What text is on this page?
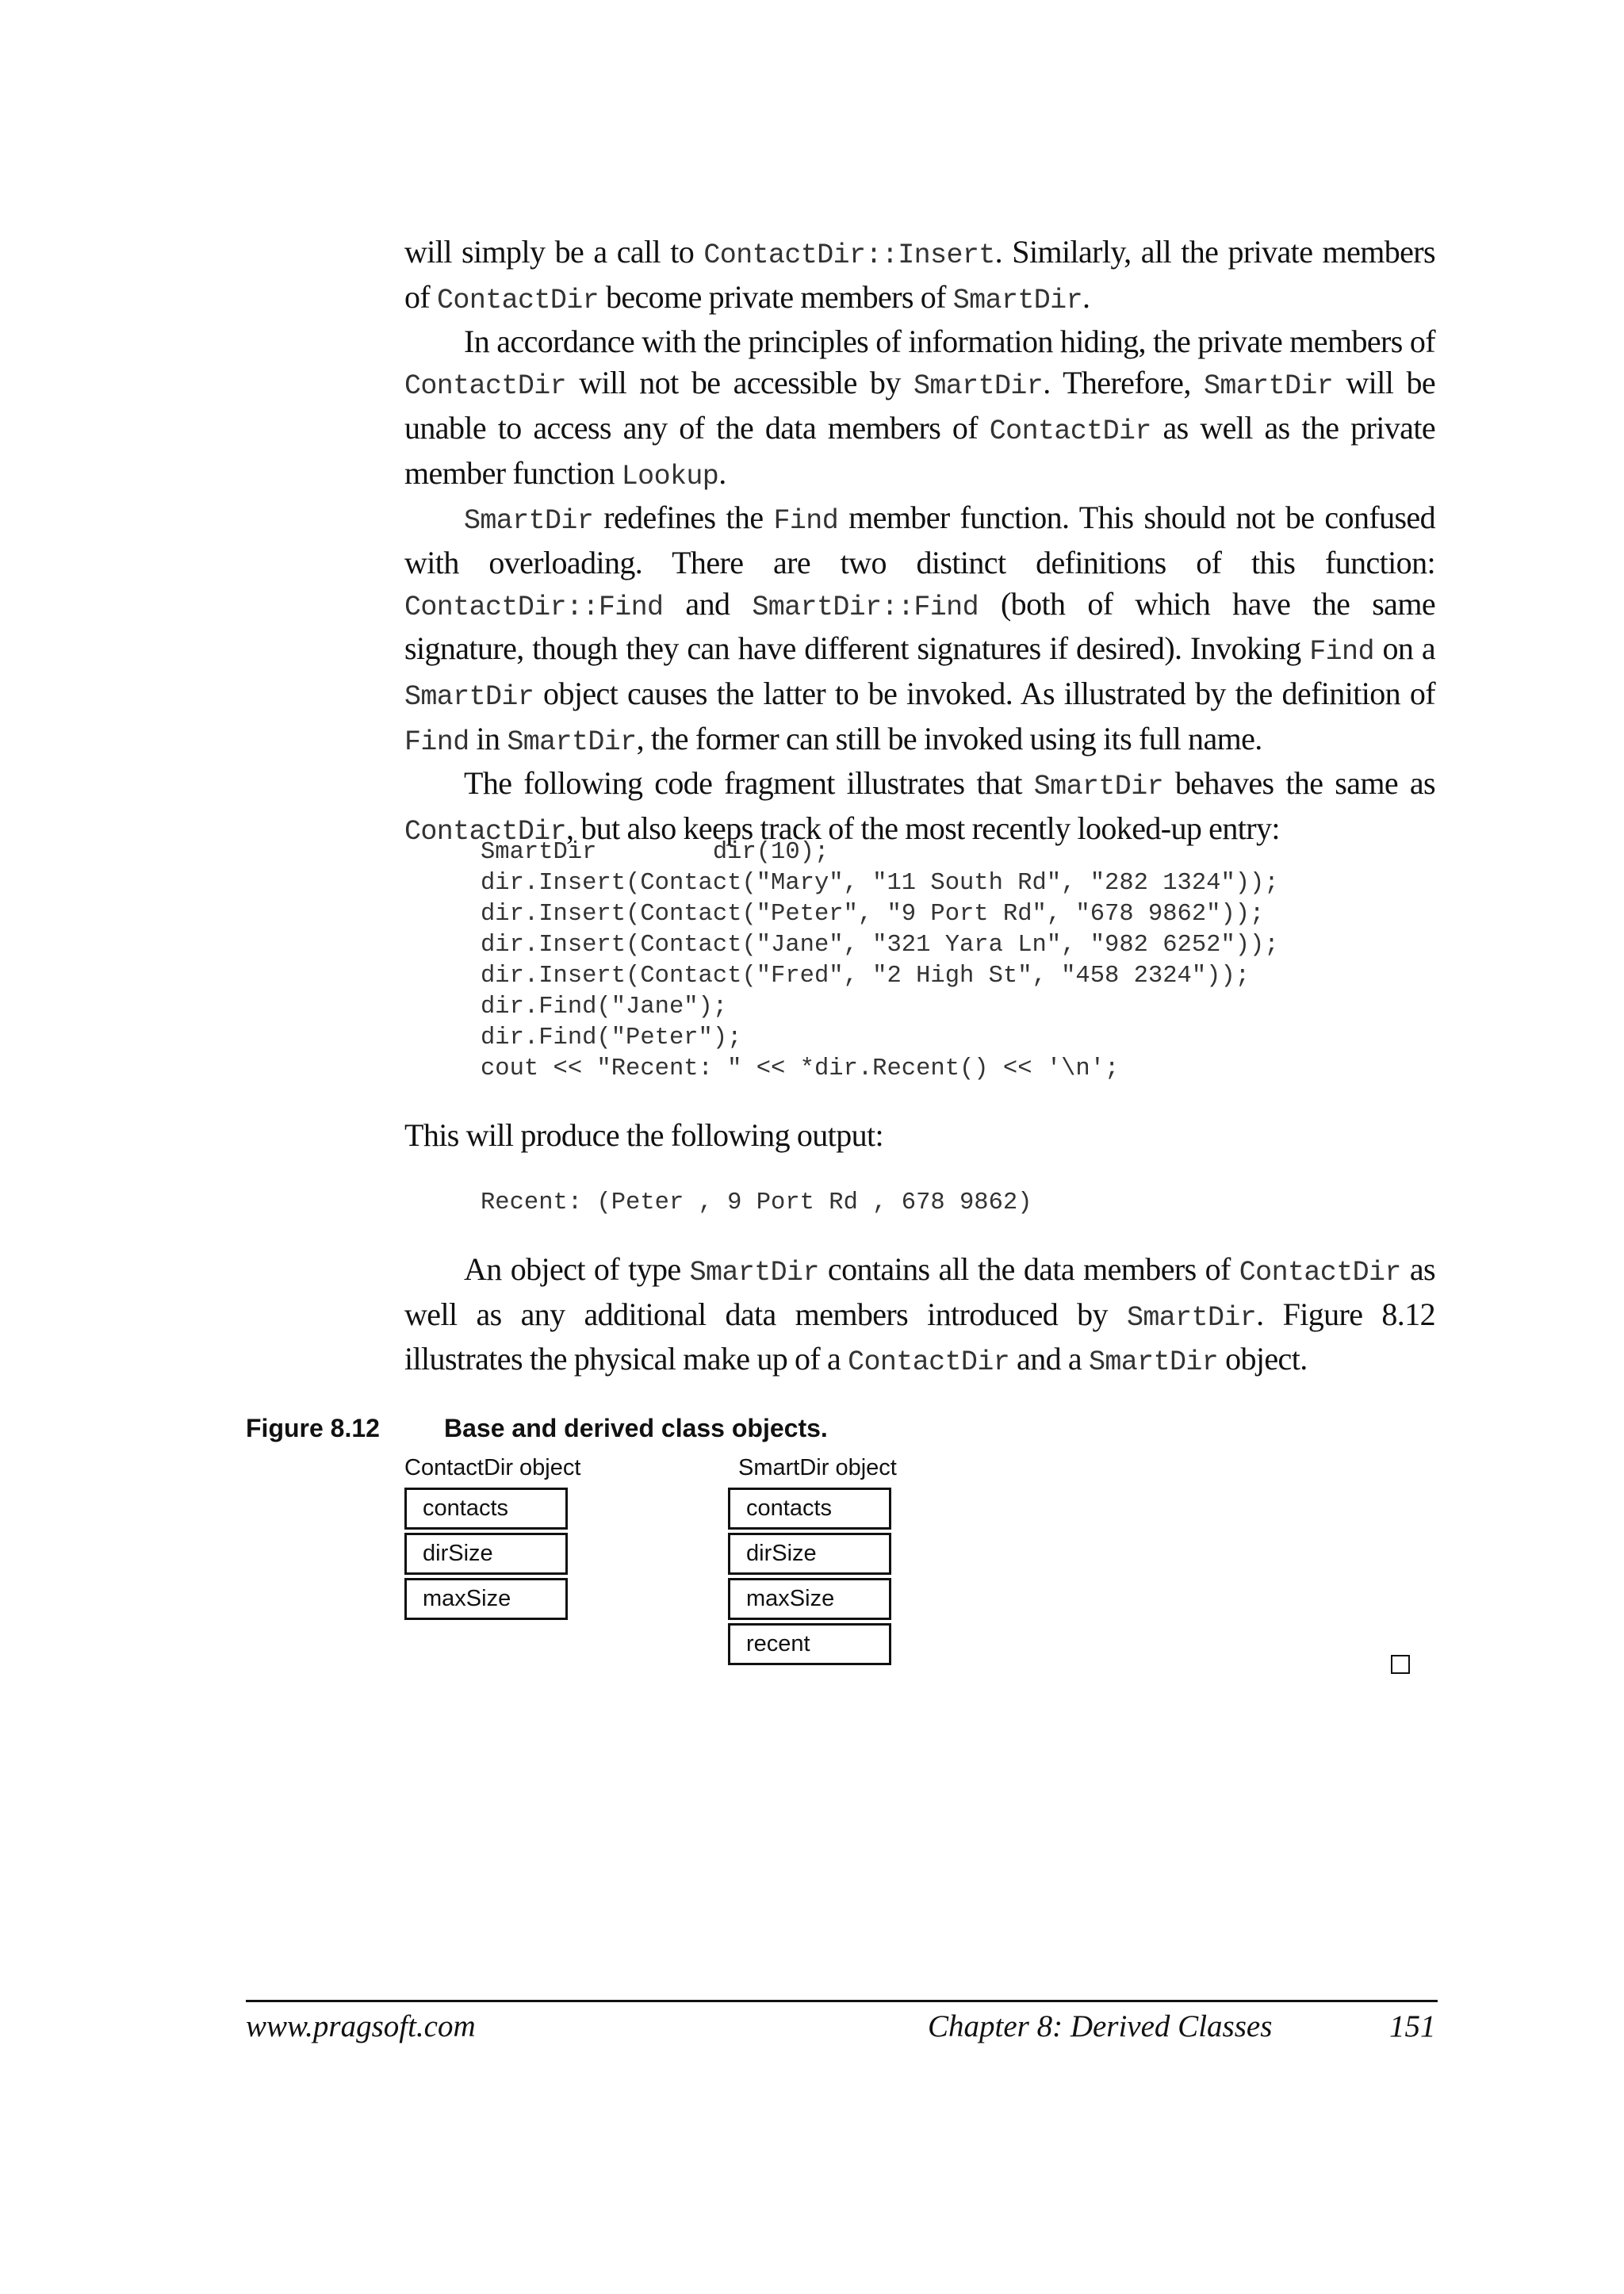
will simply be a call to ContactDir::Insert. Similarly, all the private members of ContactDir become private members of SmartDir.

In accordance with the principles of information hiding, the private members of ContactDir will not be accessible by SmartDir. Therefore, SmartDir will be unable to access any of the data members of ContactDir as well as the private member function Lookup.

SmartDir redefines the Find member function. This should not be confused with overloading. There are two distinct definitions of this function: ContactDir::Find and SmartDir::Find (both of which have the same signature, though they can have different signatures if desired). Invoking Find on a SmartDir object causes the latter to be invoked. As illustrated by the definition of Find in SmartDir, the former can still be invoked using its full name.

The following code fragment illustrates that SmartDir behaves the same as ContactDir, but also keeps track of the most recently looked-up entry:

SmartDir        dir(10);
dir.Insert(Contact("Mary", "11 South Rd", "282 1324"));
dir.Insert(Contact("Peter", "9 Port Rd", "678 9862"));
dir.Insert(Contact("Jane", "321 Yara Ln", "982 6252"));
dir.Insert(Contact("Fred", "2 High St", "458 2324"));
dir.Find("Jane");
dir.Find("Peter");
cout << "Recent: " << *dir.Recent() << '\n';

This will produce the following output:

Recent: (Peter , 9 Port Rd , 678 9862)

An object of type SmartDir contains all the data members of ContactDir as well as any additional data members introduced by SmartDir. Figure 8.12 illustrates the physical make up of a ContactDir and a SmartDir object.

Figure 8.12	Base and derived class objects.
ContactDir object
contacts
dirSize
maxSize
SmartDir object
contacts
dirSize
maxSize
recent
www.pragsoft.com	Chapter 8: Derived Classes	151
